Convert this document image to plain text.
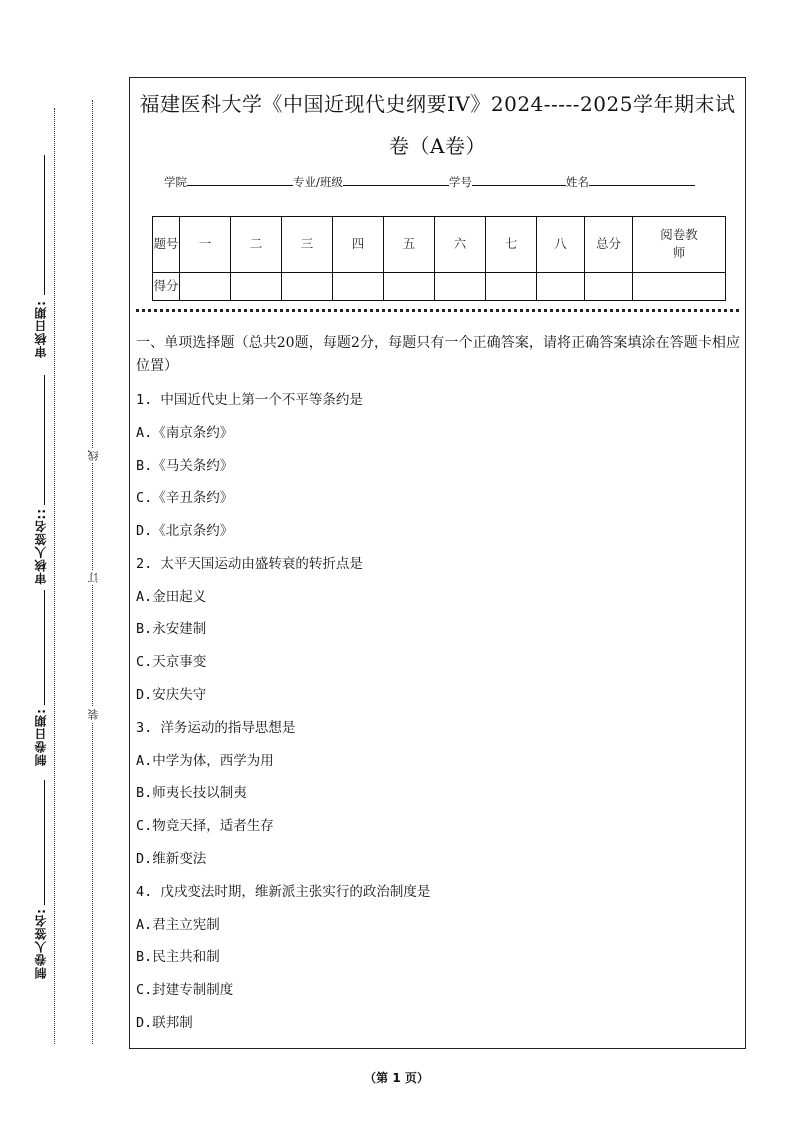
审核日期:
审核人签名::
制卷日期:
制卷人签名:
线
订
装
福建医科大学《中国近现代史纲要IV》2024-----2025学年期末试
卷（A卷）
学院	专业/班级	学号	姓名
题号	一	二	三	四	五	六	七	八	总分	阅卷教师
得分										
一、单项选择题（总共20题，每题2分，每题只有一个正确答案，请将正确答案填涂在答题卡相应位置）
1. 中国近代史上第一个不平等条约是
A.《南京条约》
B.《马关条约》
C.《辛丑条约》
D.《北京条约》
2. 太平天国运动由盛转衰的转折点是
A.金田起义
B.永安建制
C.天京事变
D.安庆失守
3. 洋务运动的指导思想是
A.中学为体，西学为用
B.师夷长技以制夷
C.物竞天择，适者生存
D.维新变法
4. 戊戌变法时期，维新派主张实行的政治制度是
A.君主立宪制
B.民主共和制
C.封建专制制度
D.联邦制
（第 1 页）
